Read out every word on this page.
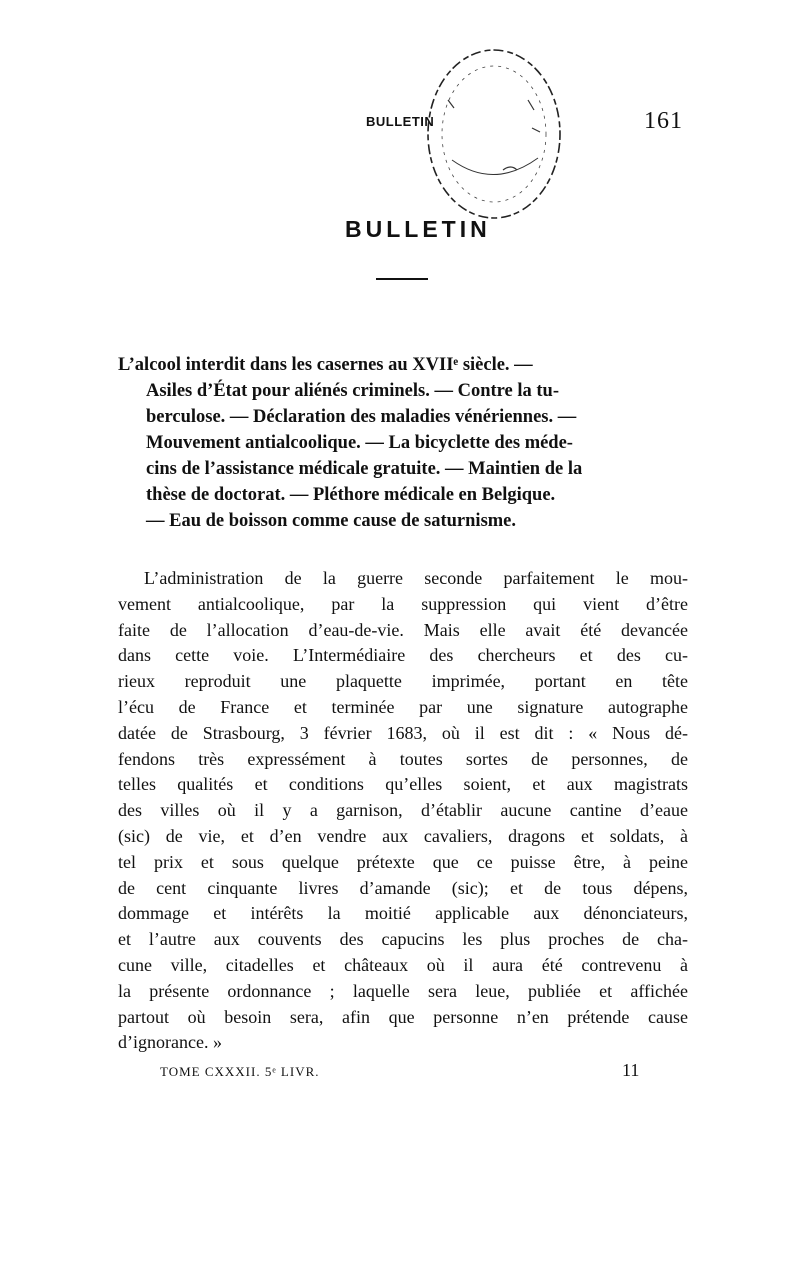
BULLETIN	161
BULLETIN
L’alcool interdit dans les casernes au XVIIᵉ siècle. —
Asiles d’État pour aliénés criminels. — Contre la tu-
berculose. — Déclaration des maladies vénériennes. —
Mouvement antialcoolique. — La bicyclette des méde-
cins de l’assistance médicale gratuite. — Maintien de la
thèse de doctorat. — Pléthore médicale en Belgique.
— Eau de boisson comme cause de saturnisme.
L’administration de la guerre seconde parfaitement le mou-
vement antialcoolique, par la suppression qui vient d’être
faite de l’allocation d’eau-de-vie. Mais elle avait été devancée
dans cette voie. L’Intermédiaire des chercheurs et des cu-
rieux reproduit une plaquette imprimée, portant en tête
l’écu de France et terminée par une signature autographe
datée de Strasbourg, 3 février 1683, où il est dit : « Nous dé-
fendons très expressément à toutes sortes de personnes, de
telles qualités et conditions qu’elles soient, et aux magistrats
des villes où il y a garnison, d’établir aucune cantine d’eaue
(sic) de vie, et d’en vendre aux cavaliers, dragons et soldats, à
tel prix et sous quelque prétexte que ce puisse être, à peine
de cent cinquante livres d’amande (sic); et de tous dépens,
dommage et intérêts la moitié applicable aux dénonciateurs,
et l’autre aux couvents des capucins les plus proches de cha-
cune ville, citadelles et châteaux où il aura été contrevenu à
la présente ordonnance ; laquelle sera leue, publiée et affichée
partout où besoin sera, afin que personne n’en prétende cause
d’ignorance. »
TOME CXXXII. 5ᵉ LIVR.	11
